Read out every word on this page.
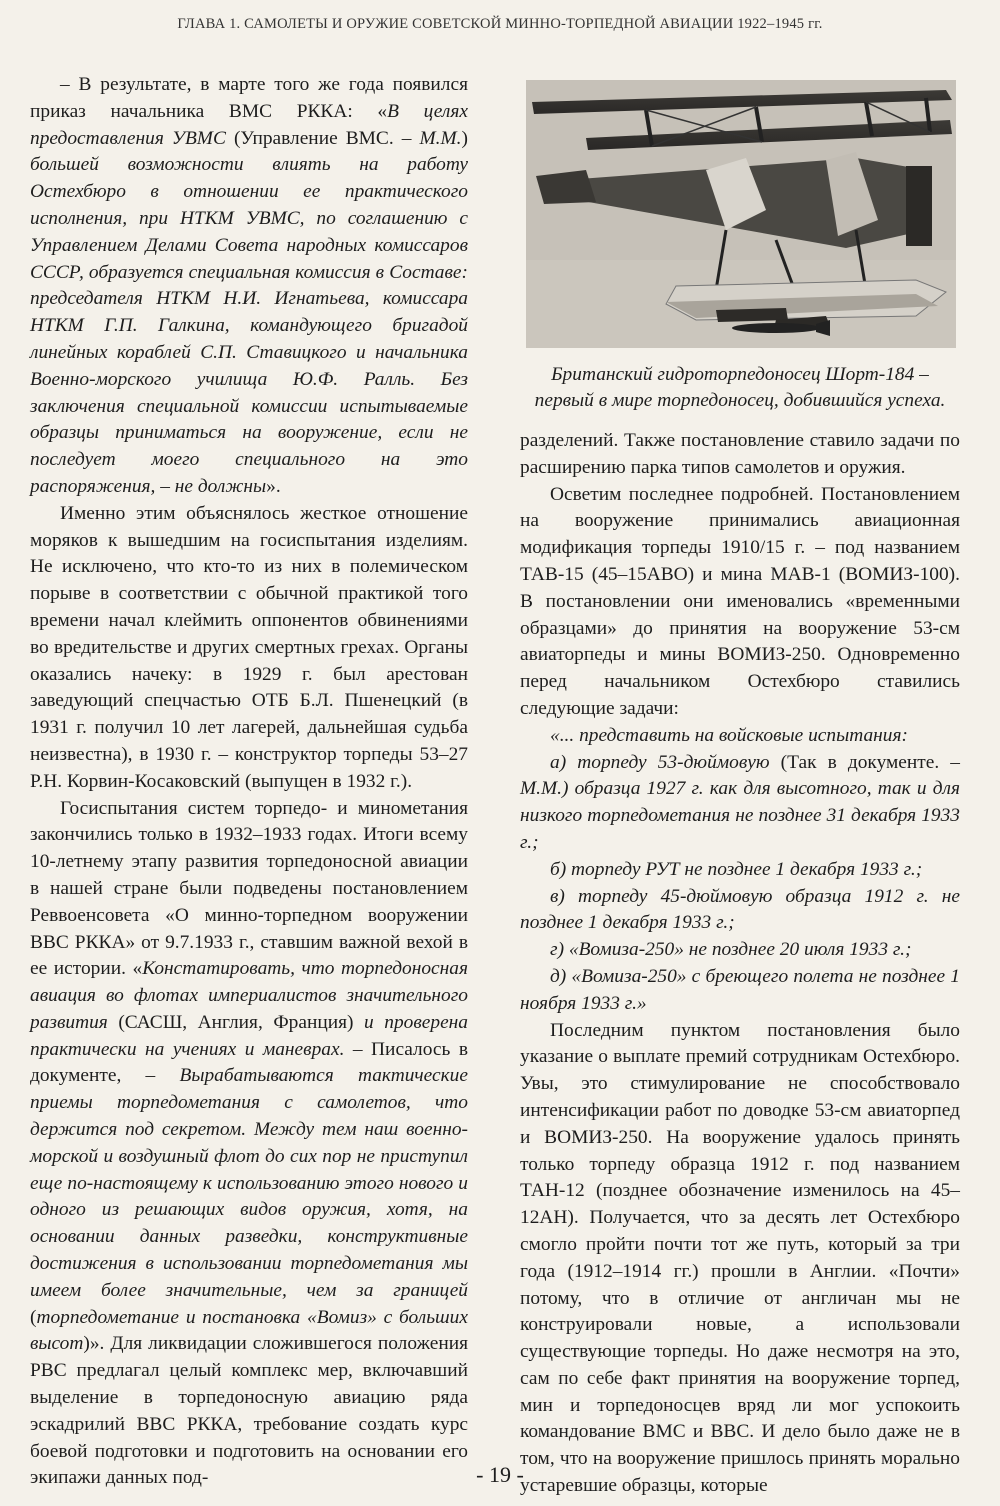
ГЛАВА 1. САМОЛЕТЫ И ОРУЖИЕ СОВЕТСКОЙ МИННО-ТОРПЕДНОЙ АВИАЦИИ 1922–1945 гг.

– В результате, в марте того же года появился приказ начальника ВМС РККА: «В целях предоставления УВМС (Управление ВМС. – М.М.) большей возможности влиять на работу Остехбюро в отношении ее практического исполнения, при НТКМ УВМС, по соглашению с Управлением Делами Совета народных комиссаров СССР, образуется специальная комиссия в Составе: председателя НТКМ Н.И. Игнатьева, комиссара НТКМ Г.П. Галкина, командующего бригадой линейных кораблей С.П. Ставицкого и начальника Военно-морского училища Ю.Ф. Ралль. Без заключения специальной комиссии испытываемые образцы приниматься на вооружение, если не последует моего специального на это распоряжения, – не должны».

Именно этим объяснялось жесткое отношение моряков к вышедшим на госиспытания изделиям. Не исключено, что кто-то из них в полемическом порыве в соответствии с обычной практикой того времени начал клеймить оппонентов обвинениями во вредительстве и других смертных грехах. Органы оказались начеку: в 1929 г. был арестован заведующий спецчастью ОТБ Б.Л. Пшенецкий (в 1931 г. получил 10 лет лагерей, дальнейшая судьба неизвестна), в 1930 г. – конструктор торпеды 53–27 Р.Н. Корвин-Косаковский (выпущен в 1932 г.).

Госиспытания систем торпедо- и минометания закончились только в 1932–1933 годах. Итоги всему 10-летнему этапу развития торпедоносной авиации в нашей стране были подведены постановлением Реввоенсовета «О минно-торпедном вооружении ВВС РККА» от 9.7.1933 г., ставшим важной вехой в ее истории. «Констатировать, что торпедоносная авиация во флотах империалистов значительного развития (САСШ, Англия, Франция) и проверена практически на учениях и маневрах. – Писалось в документе, – Вырабатываются тактические приемы торпедометания с самолетов, что держится под секретом. Между тем наш военно-морской и воздушный флот до сих пор не приступил еще по-настоящему к использованию этого нового и одного из решающих видов оружия, хотя, на основании данных разведки, конструктивные достижения в использовании торпедометания мы имеем более значительные, чем за границей (торпедометание и постановка «Вомиз» с больших высот)». Для ликвидации сложившегося положения РВС предлагал целый комплекс мер, включавший выделение в торпедоносную авиацию ряда эскадрилий ВВС РККА, требование создать курс боевой подготовки и подготовить на основании его экипажи данных под-

Британский гидроторпедоносец Шорт-184 – первый в мире торпедоносец, добившийся успеха.

разделений. Также постановление ставило задачи по расширению парка типов самолетов и оружия.

Осветим последнее подробней. Постановлением на вооружение принимались авиационная модификация торпеды 1910/15 г. – под названием ТАВ-15 (45–15АВО) и мина МАВ-1 (ВОМИЗ-100). В постановлении они именовались «временными образцами» до принятия на вооружение 53-см авиаторпеды и мины ВОМИЗ-250. Одновременно перед начальником Остехбюро ставились следующие задачи:

«... представить на войсковые испытания:

а) торпеду 53-дюймовую (Так в документе. – М.М.) образца 1927 г. как для высотного, так и для низкого торпедометания не позднее 31 декабря 1933 г.;

б) торпеду РУТ не позднее 1 декабря 1933 г.;

в) торпеду 45-дюймовую образца 1912 г. не позднее 1 декабря 1933 г.;

г) «Вомиза-250» не позднее 20 июля 1933 г.;

д) «Вомиза-250» с бреющего полета не позднее 1 ноября 1933 г.»

Последним пунктом постановления было указание о выплате премий сотрудникам Остехбюро. Увы, это стимулирование не способствовало интенсификации работ по доводке 53-см авиаторпед и ВОМИЗ-250. На вооружение удалось принять только торпеду образца 1912 г. под названием ТАН-12 (позднее обозначение изменилось на 45–12АН). Получается, что за десять лет Остехбюро смогло пройти почти тот же путь, который за три года (1912–1914 гг.) прошли в Англии. «Почти» потому, что в отличие от англичан мы не конструировали новые, а использовали существующие торпеды. Но даже несмотря на это, сам по себе факт принятия на вооружение торпед, мин и торпедоносцев вряд ли мог успокоить командование ВМС и ВВС. И дело было даже не в том, что на вооружение пришлось принять морально устаревшие образцы, которые

- 19 -
